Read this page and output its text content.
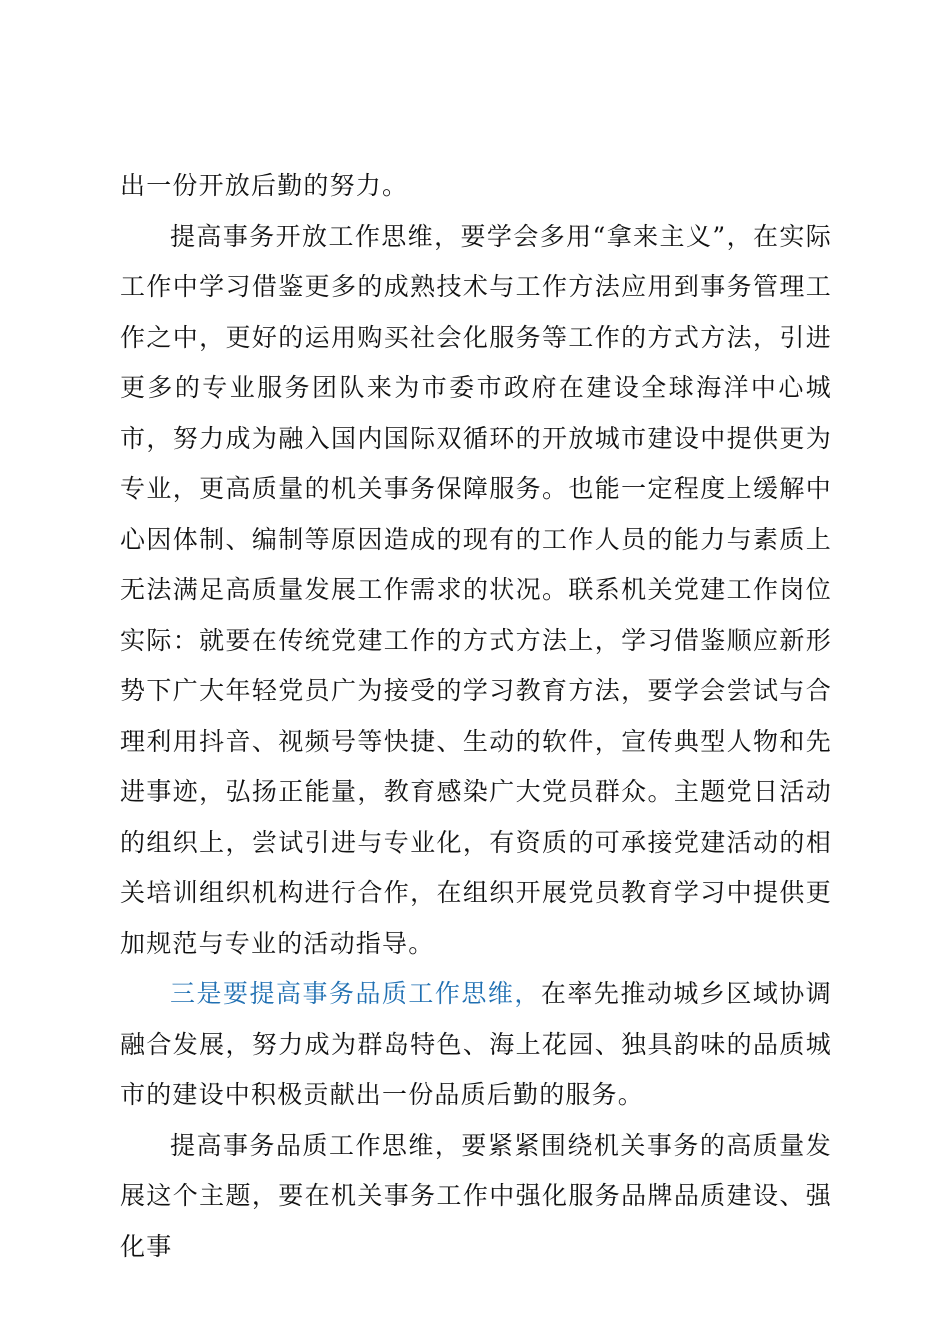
出一份开放后勤的努力。

提高事务开放工作思维，要学会多用“拿来主义”，在实际工作中学习借鉴更多的成熟技术与工作方法应用到事务管理工作之中，更好的运用购买社会化服务等工作的方式方法，引进更多的专业服务团队来为市委市政府在建设全球海洋中心城市，努力成为融入国内国际双循环的开放城市建设中提供更为专业，更高质量的机关事务保障服务。也能一定程度上缓解中心因体制、编制等原因造成的现有的工作人员的能力与素质上无法满足高质量发展工作需求的状况。联系机关党建工作岗位实际：就要在传统党建工作的方式方法上，学习借鉴顺应新形势下广大年轻党员广为接受的学习教育方法，要学会尝试与合理利用抖音、视频号等快捷、生动的软件，宣传典型人物和先进事迹，弘扬正能量，教育感染广大党员群众。主题党日活动的组织上，尝试引进与专业化，有资质的可承接党建活动的相关培训组织机构进行合作，在组织开展党员教育学习中提供更加规范与专业的活动指导。

三是要提高事务品质工作思维，在率先推动城乡区域协调融合发展，努力成为群岛特色、海上花园、独具韵味的品质城市的建设中积极贡献出一份品质后勤的服务。

提高事务品质工作思维，要紧紧围绕机关事务的高质量发展这个主题，要在机关事务工作中强化服务品牌品质建设、强化事
